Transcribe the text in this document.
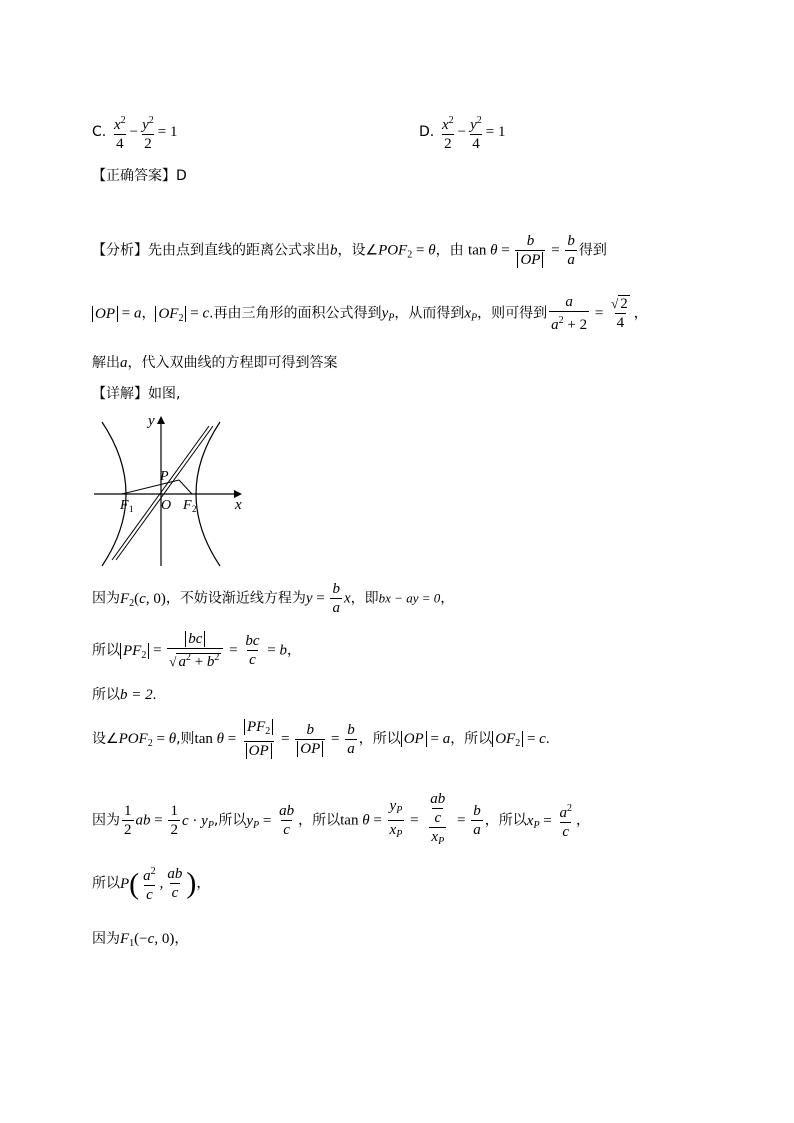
C. $\frac{x^2}{4} - \frac{y^2}{2} = 1$	D. $\frac{x^2}{2} - \frac{y^2}{4} = 1$
【正确答案】D
【分析】先由点到直线的距离公式求出b，设$\angle POF_2 = \theta$，由 $\tan \theta = \frac{b}{OP} = \frac{b}{a}$ 得到
OP = a， $OF_2 = c$.再由三角形的面积公式得到$y_P$，从而得到$x_P$，则可得到 $\frac{a}{a^2 + 2} = \frac{√ 2}{4}$ ，
解出a，代入双曲线的方程即可得到答案
【详解】如图,
y
x
P
O
F 1	F 2
因为$F_2(c$, 0)，不妨设渐近线方程为$y = \frac{b}{a}$ x，即bx − ay = 0，
所以 $PF_2 = \frac{bc}{√ a^2 + b^2} = \frac{bc}{c} = b$，
所以b = 2.
设$\angle POF_2 = \theta$,则$\tan \theta = \frac{PF_2}{OP} = \frac{b}{OP} = \frac{b}{a}$ ，所以 OP = a，所以 $OF_2 = c$.
因为 $\frac{1}{2}$ ab = $\frac{1}{2}$ $c \cdot y_P$,所以$y_P = \frac{ab}{c}$ ，所以$\tan \theta = \frac{y_P}{x_P} = \frac{\frac{ab}{c}}{x_P} = \frac{b}{a}$ ，所以$x_P = \frac{a^2}{c}$ ，
所以$P( \frac{a^2}{c}$ , $\frac{ab}{c}$ )，
因为$F_1(-c$, 0)，
